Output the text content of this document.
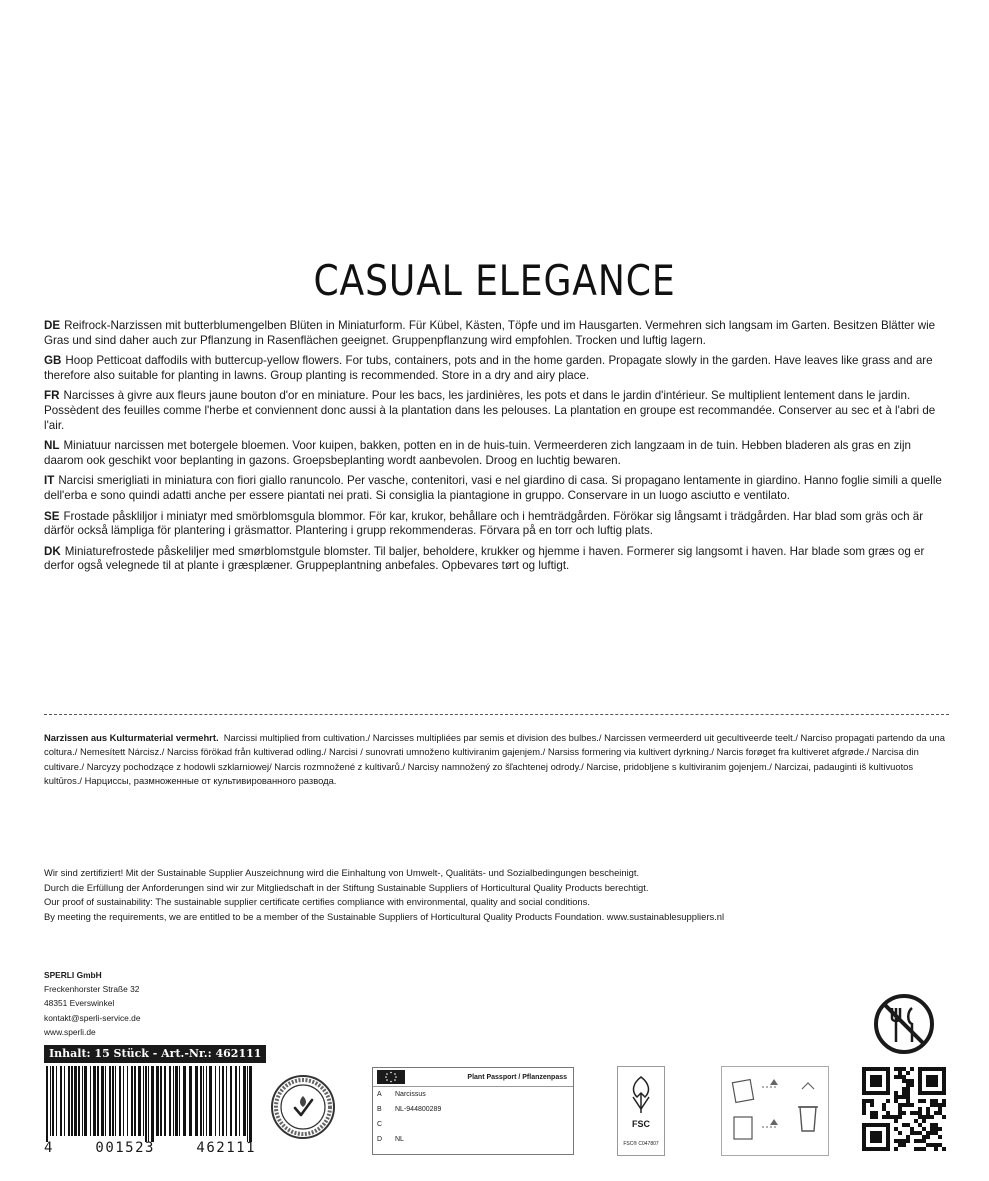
CASUAL ELEGANCE

DE Reifrock-Narzissen mit butterblumengelben Blüten in Miniaturform. Für Kübel, Kästen, Töpfe und im Hausgarten. Vermehren sich langsam im Garten. Besitzen Blätter wie Gras und sind daher auch zur Pflanzung in Rasenflächen geeignet. Gruppenpflanzung wird empfohlen. Trocken und luftig lagern.

GB Hoop Petticoat daffodils with buttercup-yellow flowers. For tubs, containers, pots and in the home garden. Propagate slowly in the garden. Have leaves like grass and are therefore also suitable for planting in lawns. Group planting is recommended. Store in a dry and airy place.

FR Narcisses à givre aux fleurs jaune bouton d'or en miniature. Pour les bacs, les jardinières, les pots et dans le jardin d'intérieur. Se multiplient lentement dans le jardin. Possèdent des feuilles comme l'herbe et conviennent donc aussi à la plantation dans les pelouses. La plantation en groupe est recommandée. Conserver au sec et à l'abri de l'air.

NL Miniatuur narcissen met botergele bloemen. Voor kuipen, bakken, potten en in de huis-tuin. Vermeerderen zich langzaam in de tuin. Hebben bladeren als gras en zijn daarom ook geschikt voor beplanting in gazons. Groepsbeplanting wordt aanbevolen. Droog en luchtig bewaren.

IT Narcisi smerigliati in miniatura con fiori giallo ranuncolo. Per vasche, contenitori, vasi e nel giardino di casa. Si propagano lentamente in giardino. Hanno foglie simili a quelle dell'erba e sono quindi adatti anche per essere piantati nei prati. Si consiglia la piantagione in gruppo. Conservare in un luogo asciutto e ventilato.

SE Frostade påskliljor i miniatyr med smörblomsgula blommor. För kar, krukor, behållare och i hemträdgården. Förökar sig långsamt i trädgården. Har blad som gräs och är därför också lämpliga för plantering i gräsmattor. Plantering i grupp rekommenderas. Förvara på en torr och luftig plats.

DK Miniaturefrostede påskeliljer med smørblomstgule blomster. Til baljer, beholdere, krukker og hjemme i haven. Formerer sig langsomt i haven. Har blade som græs og er derfor også velegnede til at plante i græsplæner. Gruppeplantning anbefales. Opbevares tørt og luftigt.

Narzissen aus Kulturmaterial vermehrt. Narcissi multiplied from cultivation./ Narcisses multipliées par semis et division des bulbes./ Narcissen vermeerderd uit gecultiveerde teelt./ Narciso propagati partendo da una coltura./ Nemesített Nárcisz./ Narciss förökad från kultiverad odling./ Narcisi / sunovrati umnoženo kultiviranim gajenjem./ Narsiss formering via kultivert dyrkning./ Narcis forøget fra kultiveret afgrøde./ Narcisa din cultivare./ Narcyzy pochodzące z hodowli szklarniowej/ Narcis rozmnožené z kultivarů./ Narcisy namnožený zo šľachtenej odrody./ Narcise, pridobljene s kultiviranim gojenjem./ Narcizai, padauginti iš kultivuotos kultūros./ Нарциссы, размноженные от культивированного разводa.
Wir sind zertifiziert! Mit der Sustainable Supplier Auszeichnung wird die Einhaltung von Umwelt-, Qualitäts- und Sozialbedingungen bescheinigt.
Durch die Erfüllung der Anforderungen sind wir zur Mitgliedschaft in der Stiftung Sustainable Suppliers of Horticultural Quality Products berechtigt.
Our proof of sustainability: The sustainable supplier certificate certifies compliance with environmental, quality and social conditions.
By meeting the requirements, we are entitled to be a member of the Sustainable Suppliers of Horticultural Quality Products Foundation. www.sustainablesuppliers.nl
SPERLI GmbH
Freckenhorster Straße 32
48351 Everswinkel
kontakt@sperli-service.de
www.sperli.de
Inhalt: 15 Stück - Art.-Nr.: 462111
4	001523	462111
Plant Passport / Pflanzenpass
A	Narcissus
B	NL-944800289
C
D	NL
FSC
FSC® C047807
